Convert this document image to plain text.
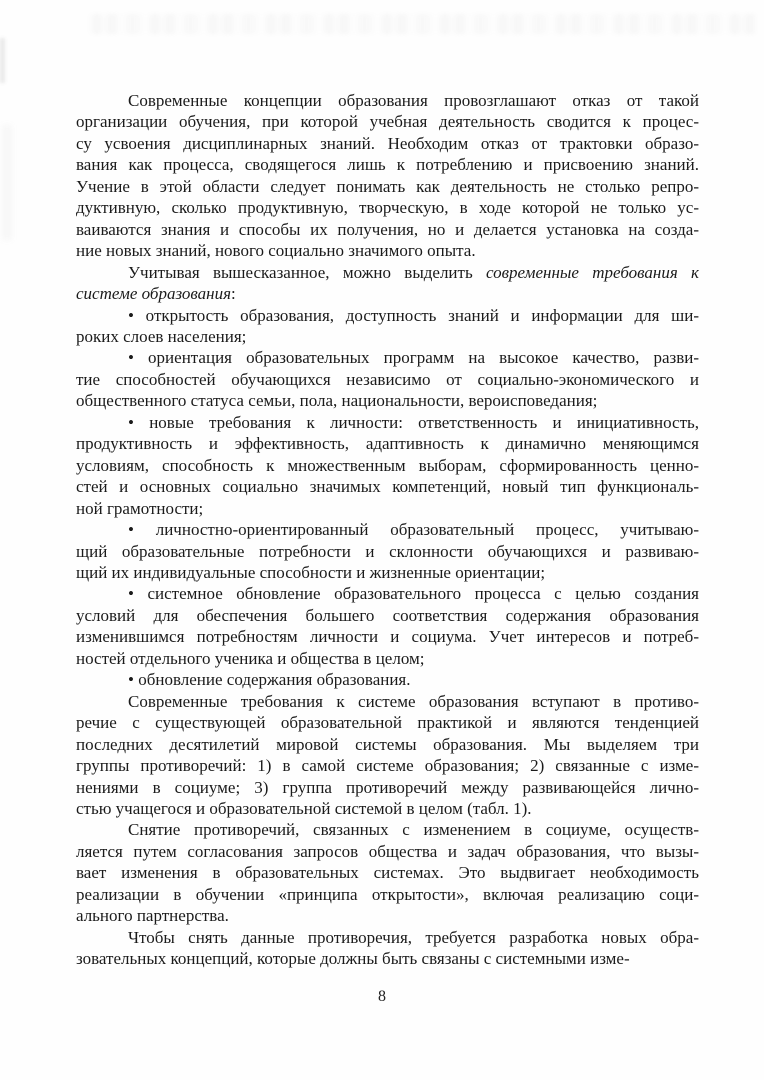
Современные концепции образования провозглашают отказ от такой
организации обучения, при которой учебная деятельность сводится к процес-
су усвоения дисциплинарных знаний. Необходим отказ от трактовки образо-
вания как процесса, сводящегося лишь к потреблению и присвоению знаний.
Учение в этой области следует понимать как деятельность не столько репро-
дуктивную, сколько продуктивную, творческую, в ходе которой не только ус-
ваиваются знания и способы их получения, но и делается установка на созда-
ние новых знаний, нового социально значимого опыта.
Учитывая вышесказанное, можно выделить современные требования к
системе образования:
• открытость образования, доступность знаний и информации для ши-
роких слоев населения;
• ориентация образовательных программ на высокое качество, разви-
тие способностей обучающихся независимо от социально-экономического и
общественного статуса семьи, пола, национальности, вероисповедания;
• новые требования к личности: ответственность и инициативность,
продуктивность и эффективность, адаптивность к динамично меняющимся
условиям, способность к множественным выборам, сформированность ценно-
стей и основных социально значимых компетенций, новый тип функциональ-
ной грамотности;
• личностно-ориентированный образовательный процесс, учитываю-
щий образовательные потребности и склонности обучающихся и развиваю-
щий их индивидуальные способности и жизненные ориентации;
• системное обновление образовательного процесса с целью создания
условий для обеспечения большего соответствия содержания образования
изменившимся потребностям личности и социума. Учет интересов и потреб-
ностей отдельного ученика и общества в целом;
• обновление содержания образования.
Современные требования к системе образования вступают в противо-
речие с существующей образовательной практикой и являются тенденцией
последних десятилетий мировой системы образования. Мы выделяем три
группы противоречий: 1) в самой системе образования; 2) связанные с изме-
нениями в социуме; 3) группа противоречий между развивающейся лично-
стью учащегося и образовательной системой в целом (табл. 1).
Снятие противоречий, связанных с изменением в социуме, осуществ-
ляется путем согласования запросов общества и задач образования, что вызы-
вает изменения в образовательных системах. Это выдвигает необходимость
реализации в обучении «принципа открытости», включая реализацию соци-
ального партнерства.
Чтобы снять данные противоречия, требуется разработка новых обра-
зовательных концепций, которые должны быть связаны с системными изме-
8
